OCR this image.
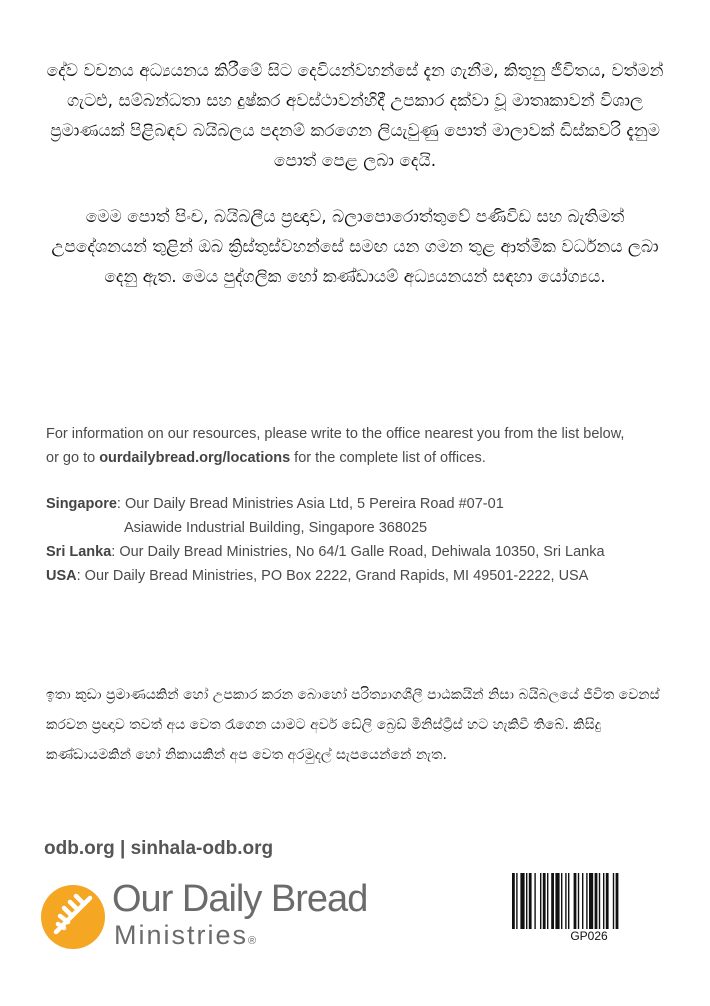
දේව වචනය අධ්‍යයනය කිරීමේ සිට දෙවියන්වහන්සේ දැන ගැනීම, කිතුනු ජීවිතය, වත්මන් ගැටළු, සම්බන්ධතා සහ දුෂ්කර අවස්ථාවන්හිදී උපකාර දක්වා වූ මාතෘකාවන් විශාල ප්‍රමාණයක් පිළිබඳව බයිබලය පදනම් කරගෙන ලියැවුණු පොත් මාලාවක් ඩිස්කවරි දැනුම පොත් පෙළ ලබා දෙයි.

මෙම පොත් පිංච, බයිබලීය ප්‍රඥාව, බලාපොරොත්තුවේ පණිවිඩ සහ බැතිමත් උපදේශනයන් තුළින් ඔබ ක්‍රිස්තුස්වහන්සේ සමඟ යන ගමන තුළ ආත්මික වර්ධනය ලබා දෙනු ඇත. මෙය පුද්ගලික හෝ කණ්ඩායම් අධ්‍යයනයන් සඳහා යෝග්‍යය.

For information on our resources, please write to the office nearest you from the list below,
or go to ourdailybread.org/locations for the complete list of offices.
Singapore: Our Daily Bread Ministries Asia Ltd, 5 Pereira Road #07-01
Asiawide Industrial Building, Singapore 368025
Sri Lanka: Our Daily Bread Ministries, No 64/1 Galle Road, Dehiwala 10350, Sri Lanka
USA: Our Daily Bread Ministries, PO Box 2222, Grand Rapids, MI 49501-2222, USA
ඉතා කුඩා ප්‍රමාණයකින් හෝ උපකාර කරන බොහෝ පරිත්‍යාගශීලී පාඨකයින් නිසා බයිබලයේ ජීවිත වෙනස් කරවන ප්‍රඥාව තවත් අය වෙත රැගෙන යාමට අවර් ඩේලි බ්‍රෙඩ් මිනිස්ට්‍රීස් හට හැකිවී තිබේ. කිසිදු කණ්ඩායමකින් හෝ නිකායකින් අප වෙත අරමුදල් සැපයෙන්නේ නැත.
odb.org | sinhala-odb.org
Our Daily Bread
Ministries®	GP026
